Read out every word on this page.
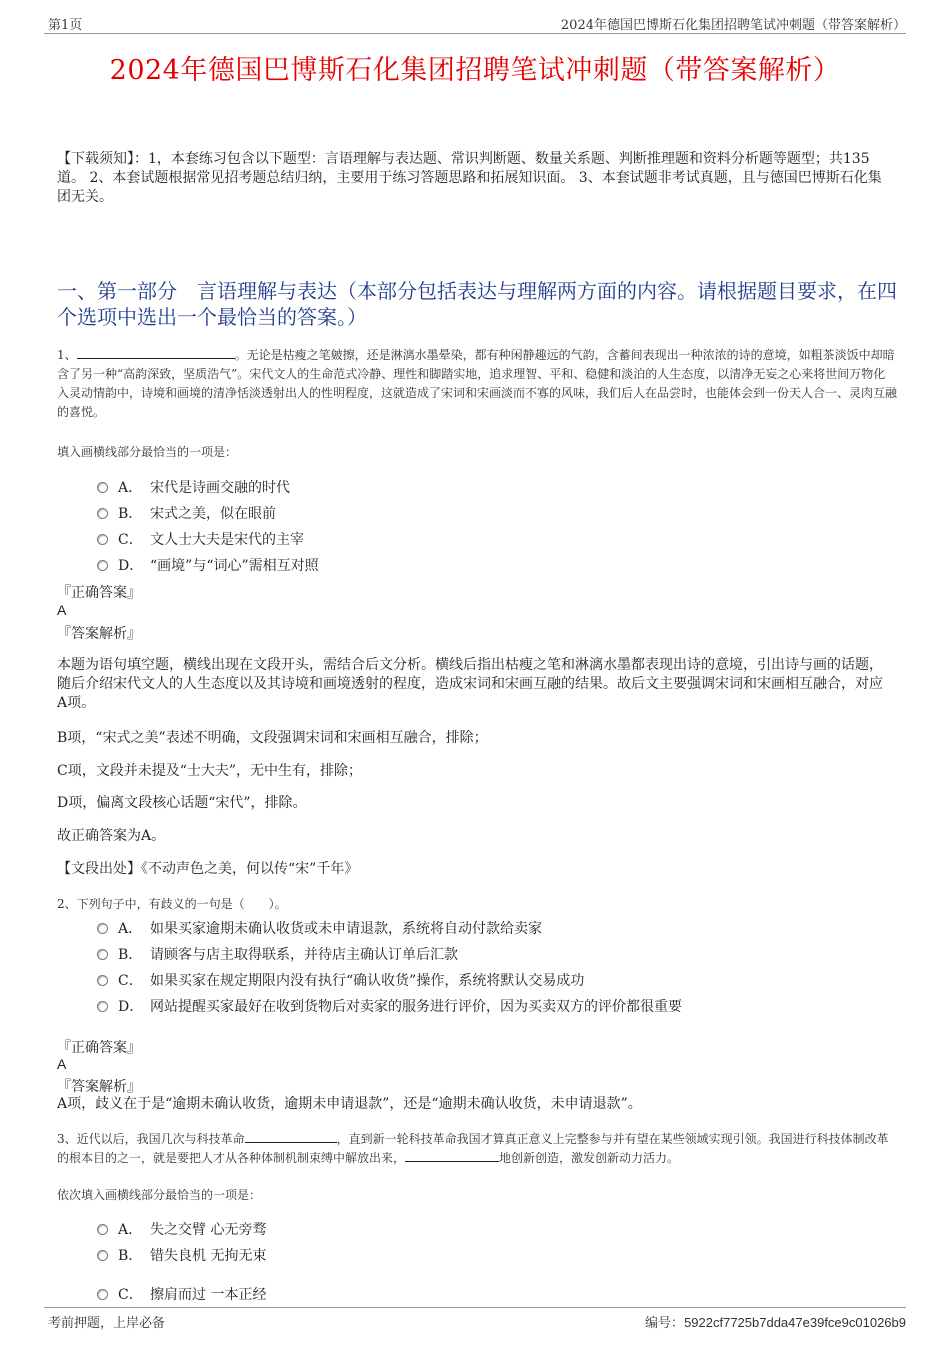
第1页	2024年德国巴博斯石化集团招聘笔试冲刺题（带答案解析）
2024年德国巴博斯石化集团招聘笔试冲刺题（带答案解析）
【下载须知】：1，本套练习包含以下题型：言语理解与表达题、常识判断题、数量关系题、判断推理题和资料分析题等题型；共135道。 2、本套试题根据常见招考题总结归纳，主要用于练习答题思路和拓展知识面。 3、本套试题非考试真题，且与德国巴博斯石化集团无关。
一、第一部分　言语理解与表达（本部分包括表达与理解两方面的内容。请根据题目要求，在四个选项中选出一个最恰当的答案。）
1、	。无论是枯瘦之笔皴擦，还是淋漓水墨晕染，都有种闲静趣远的气韵，含蓄间表现出一种浓浓的诗的意境，如粗茶淡饭中却暗含了另一种“高韵深致，坚质浩气”。宋代文人的生命范式冷静、理性和脚踏实地，追求理智、平和、稳健和淡泊的人生态度，以清净无妄之心来将世间万物化入灵动情韵中，诗境和画境的清净恬淡透射出人的性明程度，这就造成了宋词和宋画淡而不寡的风味，我们后人在品尝时，也能体会到一份天人合一、灵肉互融的喜悦。
填入画横线部分最恰当的一项是：
A． 宋代是诗画交融的时代
B． 宋式之美，似在眼前
C． 文人士大夫是宋代的主宰
D． “画境”与“词心”需相互对照
『正确答案』
A
『答案解析』
本题为语句填空题，横线出现在文段开头，需结合后文分析。横线后指出枯瘦之笔和淋漓水墨都表现出诗的意境，引出诗与画的话题，随后介绍宋代文人的人生态度以及其诗境和画境透射的程度，造成宋词和宋画互融的结果。故后文主要强调宋词和宋画相互融合，对应A项。
B项，“宋式之美”表述不明确，文段强调宋词和宋画相互融合，排除；
C项，文段并未提及“士大夫”，无中生有，排除；
D项，偏离文段核心话题“宋代”，排除。
故正确答案为A。
【文段出处】《不动声色之美，何以传“宋”千年》
2、下列句子中，有歧义的一句是（　　）。
A． 如果买家逾期未确认收货或未申请退款，系统将自动付款给卖家
B． 请顾客与店主取得联系，并待店主确认订单后汇款
C． 如果买家在规定期限内没有执行“确认收货”操作，系统将默认交易成功
D． 网站提醒买家最好在收到货物后对卖家的服务进行评价，因为买卖双方的评价都很重要
『正确答案』
A
『答案解析』
A项，歧义在于是“逾期未确认收货，逾期未申请退款”，还是“逾期未确认收货，未申请退款”。
3、近代以后，我国几次与科技革命	，直到新一轮科技革命我国才算真正意义上完整参与并有望在某些领域实现引领。我国进行科技体制改革的根本目的之一，就是要把人才从各种体制机制束缚中解放出来，	地创新创造，激发创新动力活力。
依次填入画横线部分最恰当的一项是：
A． 失之交臂 心无旁骛
B． 错失良机 无拘无束
C． 擦肩而过 一本正经
考前押题，上岸必备	编号：5922cf7725b7dda47e39fce9c01026b9
